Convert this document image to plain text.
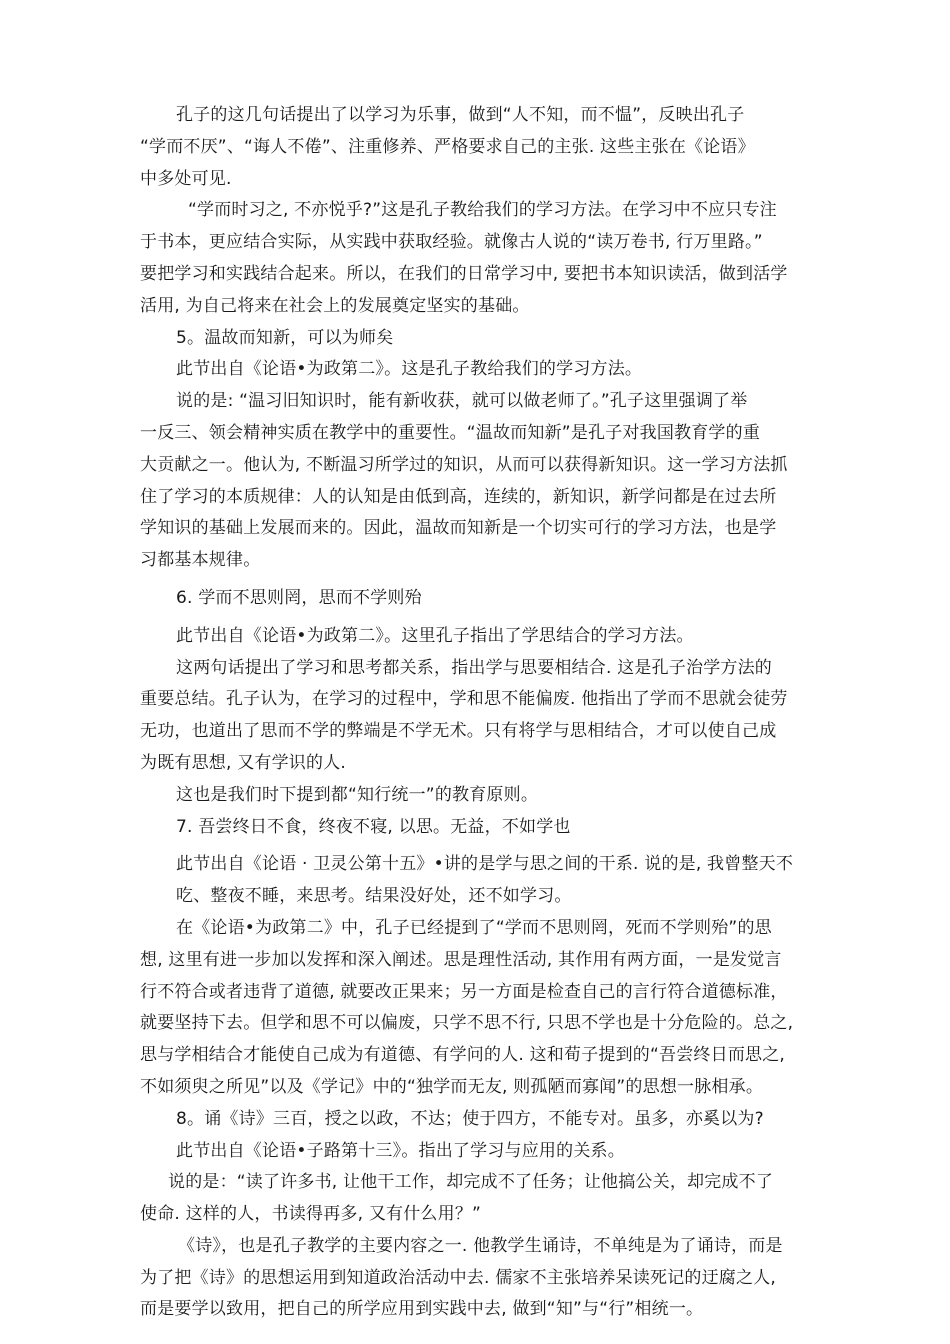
孔子的这几句话提出了以学习为乐事，做到“人不知，而不愠”，反映出孔子

“学而不厌”、“诲人不倦”、注重修养、严格要求自己的主张. 这些主张在《论语》

中多处可见.

“学而时习之, 不亦悦乎?”这是孔子教给我们的学习方法。在学习中不应只专注

于书本，更应结合实际，从实践中获取经验。就像古人说的“读万卷书, 行万里路。”

要把学习和实践结合起来。所以，在我们的日常学习中, 要把书本知识读活，做到活学

活用, 为自己将来在社会上的发展奠定坚实的基础。

5。温故而知新，可以为师矣

此节出自《论语•为政第二》。这是孔子教给我们的学习方法。

说的是: “温习旧知识时，能有新收获，就可以做老师了。”孔子这里强调了举

一反三、领会精神实质在教学中的重要性。“温故而知新”是孔子对我国教育学的重

大贡献之一。他认为, 不断温习所学过的知识，从而可以获得新知识。这一学习方法抓

住了学习的本质规律：人的认知是由低到高，连续的，新知识，新学问都是在过去所

学知识的基础上发展而来的。因此，温故而知新是一个切实可行的学习方法，也是学

习都基本规律。

6. 学而不思则罔，思而不学则殆

此节出自《论语•为政第二》。这里孔子指出了学思结合的学习方法。

这两句话提出了学习和思考都关系，指出学与思要相结合. 这是孔子治学方法的

重要总结。孔子认为，在学习的过程中，学和思不能偏废. 他指出了学而不思就会徒劳

无功，也道出了思而不学的弊端是不学无术。只有将学与思相结合，才可以使自己成

为既有思想, 又有学识的人.

这也是我们时下提到都“知行统一”的教育原则。

7. 吾尝终日不食，终夜不寝, 以思。无益，不如学也

此节出自《论语 · 卫灵公第十五》•讲的是学与思之间的干系. 说的是, 我曾整天不

吃、整夜不睡，来思考。结果没好处，还不如学习。

在《论语•为政第二》中，孔子已经提到了“学而不思则罔，死而不学则殆”的思

想, 这里有进一步加以发挥和深入阐述。思是理性活动, 其作用有两方面，一是发觉言

行不符合或者违背了道德, 就要改正果来；另一方面是检查自己的言行符合道德标准，

就要坚持下去。但学和思不可以偏废，只学不思不行, 只思不学也是十分危险的。总之,

思与学相结合才能使自己成为有道德、有学问的人. 这和荀子提到的“吾尝终日而思之,

不如须臾之所见”以及《学记》中的“独学而无友, 则孤陋而寡闻”的思想一脉相承。

8。诵《诗》三百，授之以政，不达；使于四方，不能专对。虽多，亦奚以为?

此节出自《论语•子路第十三》。指出了学习与应用的关系。

说的是：“读了许多书, 让他干工作，却完成不了任务；让他搞公关，却完成不了

使命. 这样的人，书读得再多, 又有什么用？”

《诗》，也是孔子教学的主要内容之一. 他教学生诵诗，不单纯是为了诵诗，而是

为了把《诗》的思想运用到知道政治活动中去. 儒家不主张培养呆读死记的迂腐之人,

而是要学以致用，把自己的所学应用到实践中去, 做到“知”与“行”相统一。
